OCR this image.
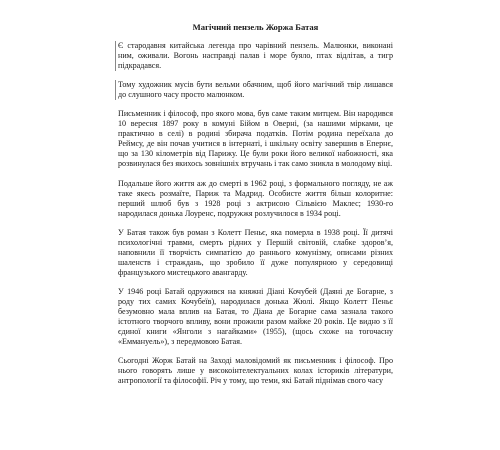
Магічний пензель Жоржа Батая

Є стародавня китайська легенда про чарівний пензель. Малюнки, виконані ним, оживали. Вогонь насправді палав і море буяло, птах відлітав, а тигр підкрадався.

Тому художник мусів бути вельми обачним, щоб його магічний твір лишався до слушного часу просто малюнком.

Письменник і філософ, про якого мова, був саме таким митцем. Він народився 10 вересня 1897 року в комуні Бійом в Оверні, (за нашими мірками, це практично в селі) в родині збирача податків. Потім родина переїхала до Реймсу, де він почав учитися в інтернаті, і шкільну освіту завершив в Епернє, що за 130 кілометрів від Парижу. Це були роки його великої набожності, яка розвинулася без якихось зовнішніх втручань і так само зникла в молодому віці.

Подальше його життя аж до смерті в 1962 році, з формального погляду, не аж таке якесь розмаїте, Париж та Мадрид. Особисте життя більш колоритне: перший шлюб був з 1928 році з актрисою Сільвією Маклес; 1930-го народилася донька Лоуренс, подружжя розлучилося в 1934 році.

У Батая також був роман з Колетт Пеньє, яка померла в 1938 році. Її дитячі психологічні травми, смерть рідних у Першій світовій, слабке здоров’я, наповнили її творчість симпатією до раннього комунізму, описами різних шаленств і страждань, що зробило її дуже популярною у середовищі французького мистецького авангарду.

У 1946 році Батай одружився на княжні Діані Кочубей (Даяні де Богарне, з роду тих самих Кочубеїв), народилася донька Жюлі. Якщо Колетт Пеньє безумовно мала вплив на Батая, то Діана де Богарне сама зазнала такого істотного творчого впливу, вони прожили разом майже 20 років. Це видно з її єдиної книги «Янголи з нагайками» (1955), (щось схоже на тогочасну «Еммануель»), з передмовою Батая.

Сьогодні Жорж Батай на Заході маловідомий як письменник і філософ. Про нього говорять лише у високоінтелектуальних колах істориків літератури, антропології та філософії. Річ у тому, що теми, які Батай піднімав свого часу
